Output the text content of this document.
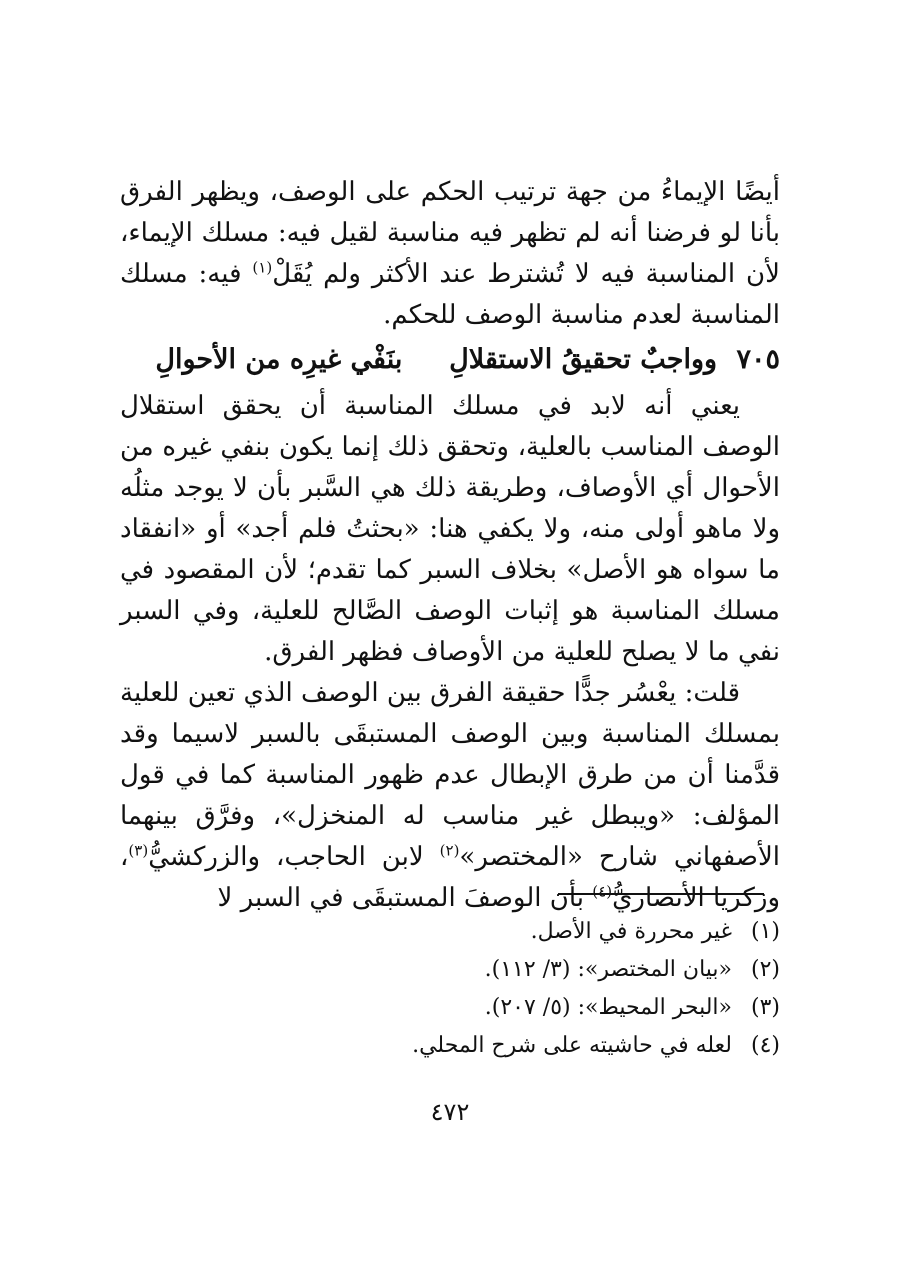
أيضًا الإيماءُ من جهة ترتيب الحكم على الوصف، ويظهر الفرق بأنا لو فرضنا أنه لم تظهر فيه مناسبة لقيل فيه: مسلك الإيماء، لأن المناسبة فيه لا تُشترط عند الأكثر ولم يُقَلْ$^{(١)}$ فيه: مسلك المناسبة لعدم مناسبة الوصف للحكم.

٧٠٥ وواجبٌ تحقيقُ الاستقلالِ  بنَفْي غيرِه من الأحوالِ

يعني أنه لابد في مسلك المناسبة أن يحقق استقلال الوصف المناسب بالعلية، وتحقق ذلك إنما يكون بنفي غيره من الأحوال أي الأوصاف، وطريقة ذلك هي السَّبر بأن لا يوجد مثلُه ولا ماهو أولى منه، ولا يكفي هنا: «بحثتُ فلم أجد» أو «انفقاد ما سواه هو الأصل» بخلاف السبر كما تقدم؛ لأن المقصود في مسلك المناسبة هو إثبات الوصف الصَّالح للعلية، وفي السبر نفي ما لا يصلح للعلية من الأوصاف فظهر الفرق.

قلت: يعْسُر جدًّا حقيقة الفرق بين الوصف الذي تعين للعلية بمسلك المناسبة وبين الوصف المستبقَى بالسبر لاسيما وقد قدَّمنا أن من طرق الإبطال عدم ظهور المناسبة كما في قول المؤلف: «ويبطل غير مناسب له المنخزل»، وفرَّق بينهما الأصفهاني شارح «المختصر»$^{(٢)}$ لابن الحاجب، والزركشيُّ$^{(٣)}$، وزكريا الأنصاريُّ$^{(٤)}$ بأن الوصفَ المستبقَى في السبر لا

(١)غير محررة في الأصل.
(٢)«بيان المختصر»: (٣/ ١١٢).
(٣)«البحر المحيط»: (٥/ ٢٠٧).
(٤)لعله في حاشيته على شرح المحلي.
٤٧٢
